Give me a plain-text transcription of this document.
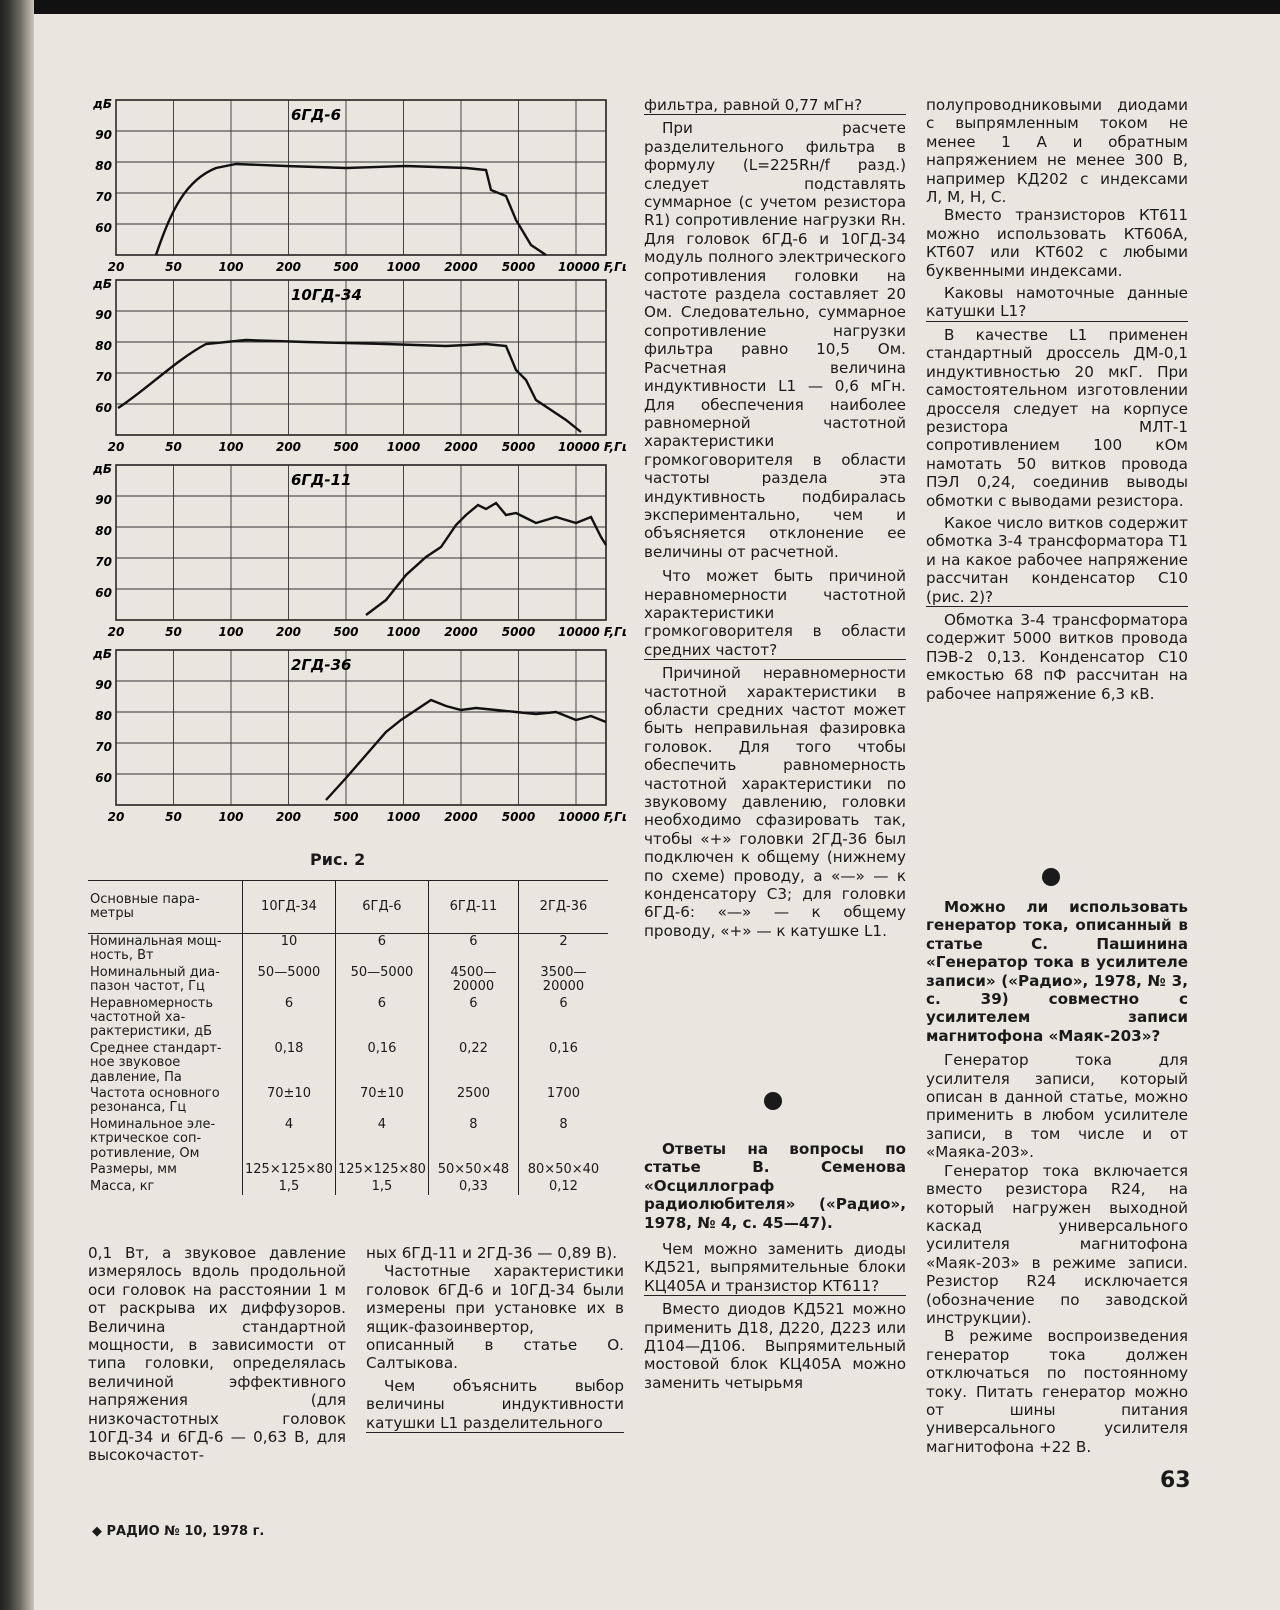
дБ
90
80
70
60
20	50	100	200	500 1000 2000 5000 10000 F,Гц
6ГД-6
дБ
90
80
70
60
20	50	100	200	500 1000 2000 5000 10000 F,Гц
10ГД-34
дБ
90
80
70
60
20	50	100	200	500 1000 2000 5000 10000 F,Гц
6ГД-11
дБ
90
80
70
60
20	50	100	200	500 1000 2000 5000 10000 F,Гц
2ГД-36
Рис. 2
Основные пара-метры	10ГД-34	6ГД-6	6ГД-11	2ГД-36
Номинальная мощ-ность, Вт	10	6	6	2
Номинальный диа-пазон частот, Гц	50—5000	50—5000	4500—20000	3500—20000
Неравномерность частотной ха-рактеристики, дБ	6	6	6	6
Среднее стандарт-ное звуковое давление, Па	0,18	0,16	0,22	0,16
Частота основного резонанса, Гц	70±10	70±10	2500	1700
Номинальное эле-ктрическое соп-ротивление, Ом	4	4	8	8
Размеры, мм	125×125×80	125×125×80	50×50×48	80×50×40
Масса, кг	1,5	1,5	0,33	0,12

0,1 Вт, а звуковое давление измерялось вдоль продольной оси головок на расстоянии 1 м от раскрыва их диффузоров. Величина стандартной мощности, в зависимости от типа головки, определялась величиной эффективного напряжения (для низкочастотных головок 10ГД-34 и 6ГД-6 — 0,63 В, для высокочастот-

ных 6ГД-11 и 2ГД-36 — 0,89 В).

Частотные характеристики головок 6ГД-6 и 10ГД-34 были измерены при установке их в ящик-фазоинвертор, описанный в статье О. Салтыкова.

Чем объяснить выбор величины индуктивности катушки L1 разделительного

фильтра, равной 0,77 мГн?

При расчете разделительного фильтра в формулу (L=225Rн/f разд.) следует подставлять суммарное (с учетом резистора R1) сопротивление нагрузки Rн. Для головок 6ГД-6 и 10ГД-34 модуль полного электрического сопротивления головки на частоте раздела составляет 20 Ом. Следовательно, суммарное сопротивление нагрузки фильтра равно 10,5 Ом. Расчетная величина индуктивности L1 — 0,6 мГн. Для обеспечения наиболее равномерной частотной характеристики громкоговорителя в области частоты раздела эта индуктивность подбиралась экспериментально, чем и объясняется отклонение ее величины от расчетной.

Что может быть причиной неравномерности частотной характеристики громкоговорителя в области средних частот?

Причиной неравномерности частотной характеристики в области средних частот может быть неправильная фазировка головок. Для того чтобы обеспечить равномерность частотной характеристики по звуковому давлению, головки необходимо сфазировать так, чтобы «+» головки 2ГД-36 был подключен к общему (нижнему по схеме) проводу, а «—» — к конденсатору С3; для головки 6ГД-6: «—» — к общему проводу, «+» — к катушке L1.

Ответы на вопросы по статье В. Семенова «Осциллограф радиолюбителя» («Радио», 1978, № 4, с. 45—47).

Чем можно заменить диоды КД521, выпрямительные блоки КЦ405А и транзистор КТ611?

Вместо диодов КД521 можно применить Д18, Д220, Д223 или Д104—Д106. Выпрямительный мостовой блок КЦ405А можно заменить четырьмя

полупроводниковыми диодами с выпрямленным током не менее 1 А и обратным напряжением не менее 300 В, например КД202 с индексами Л, М, Н, С.

Вместо транзисторов КТ611 можно использовать КТ606А, КТ607 или КТ602 с любыми буквенными индексами.

Каковы намоточные данные катушки L1?

В качестве L1 применен стандартный дроссель ДМ-0,1 индуктивностью 20 мкГ. При самостоятельном изготовлении дросселя следует на корпусе резистора МЛТ-1 сопротивлением 100 кОм намотать 50 витков провода ПЭЛ 0,24, соединив выводы обмотки с выводами резистора.

Какое число витков содержит обмотка 3-4 трансформатора Т1 и на какое рабочее напряжение рассчитан конденсатор С10 (рис. 2)?

Обмотка 3-4 трансформатора содержит 5000 витков провода ПЭВ-2 0,13. Конденсатор С10 емкостью 68 пФ рассчитан на рабочее напряжение 6,3 кВ.

Можно ли использовать генератор тока, описанный в статье С. Пашинина «Генератор тока в усилителе записи» («Радио», 1978, № 3, с. 39) совместно с усилителем записи магнитофона «Маяк-203»?

Генератор тока для усилителя записи, который описан в данной статье, можно применить в любом усилителе записи, в том числе и от «Маяка-203».

Генератор тока включается вместо резистора R24, на который нагружен выходной каскад универсального усилителя магнитофона «Маяк-203» в режиме записи. Резистор R24 исключается (обозначение по заводской инструкции).

В режиме воспроизведения генератор тока должен отключаться по постоянному току. Питать генератор можно от шины питания универсального усилителя магнитофона +22 В.

◆ РАДИО № 10, 1978 г.
63
